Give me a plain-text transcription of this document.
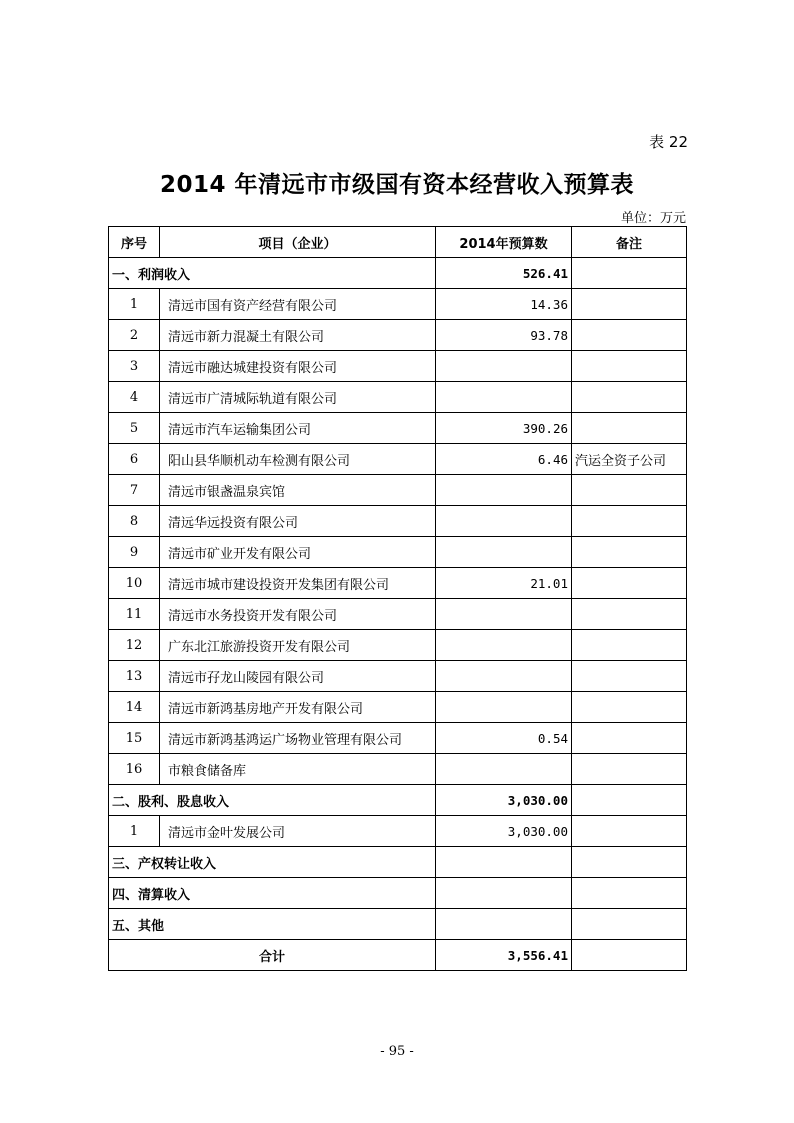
表 22
2014 年清远市市级国有资本经营收入预算表
单位：万元
序号	项目（企业）	2014年预算数	备注
一、利润收入		526.41	
1	清远市国有资产经营有限公司	14.36	
2	清远市新力混凝土有限公司	93.78	
3	清远市融达城建投资有限公司		
4	清远市广清城际轨道有限公司		
5	清远市汽车运输集团公司	390.26	
6	阳山县华顺机动车检测有限公司	6.46	汽运全资子公司
7	清远市银盏温泉宾馆		
8	清远华远投资有限公司		
9	清远市矿业开发有限公司		
10	清远市城市建设投资开发集团有限公司	21.01	
11	清远市水务投资开发有限公司		
12	广东北江旅游投资开发有限公司		
13	清远市孖龙山陵园有限公司		
14	清远市新鸿基房地产开发有限公司		
15	清远市新鸿基鸿运广场物业管理有限公司	0.54	
16	市粮食储备库		
二、股利、股息收入		3,030.00	
1	清远市金叶发展公司	3,030.00	
三、产权转让收入			
四、清算收入			
五、其他			
合计		3,556.41	
- 95 -
